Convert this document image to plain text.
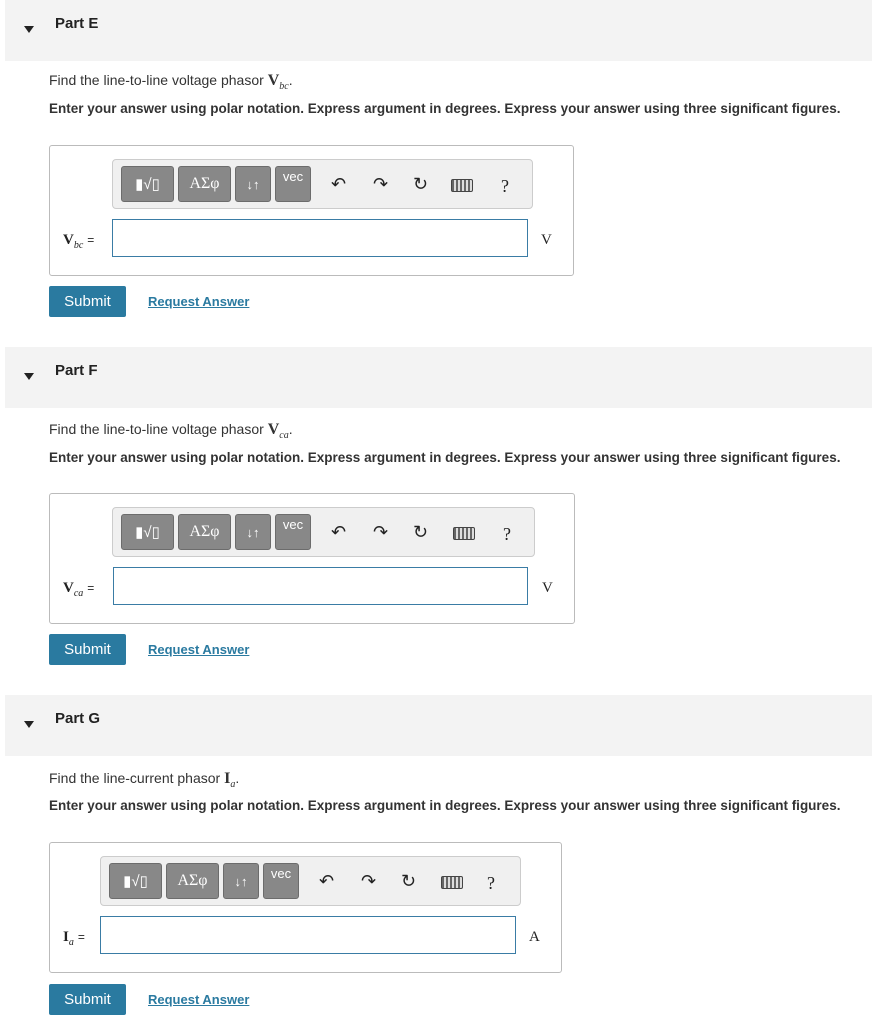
Part E
Find the line-to-line voltage phasor $V_{bc}$.
Enter your answer using polar notation. Express argument in degrees. Express your answer using three significant figures.
▮√▯ ΑΣφ ↓↑ vec ↶ ↷ ↻	?
$V_{bc}$ =	V
Submit	Request Answer
Part F
Find the line-to-line voltage phasor $V_{ca}$.
Enter your answer using polar notation. Express argument in degrees. Express your answer using three significant figures.
▮√▯ ΑΣφ ↓↑ vec ↶ ↷ ↻	?
$V_{ca}$ =	V
Submit	Request Answer
Part G
Find the line-current phasor $I_a$.
Enter your answer using polar notation. Express argument in degrees. Express your answer using three significant figures.
▮√▯ ΑΣφ ↓↑ vec ↶ ↷ ↻	?
$I_a$ =	A
Submit	Request Answer
